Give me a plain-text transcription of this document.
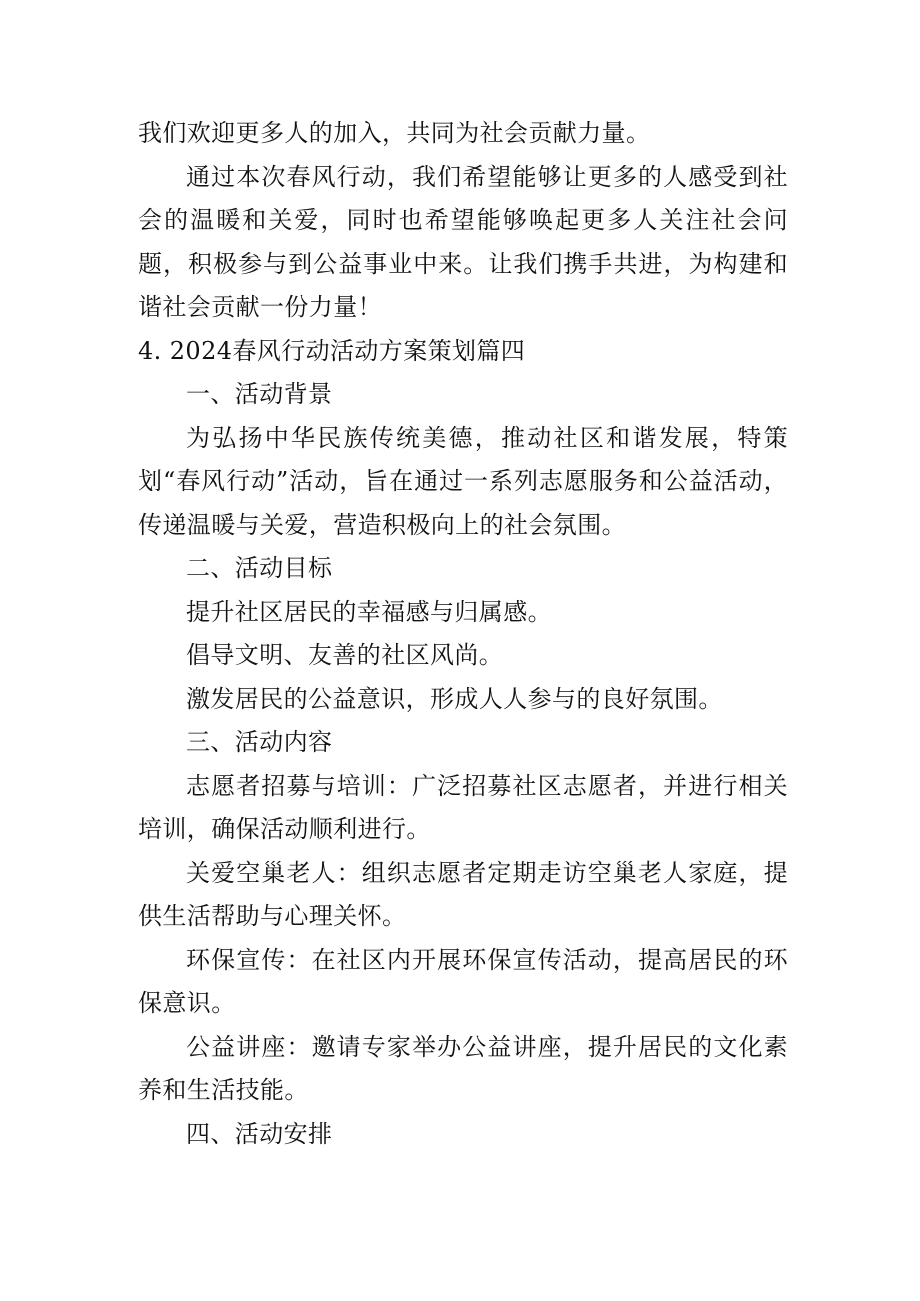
我们欢迎更多人的加入，共同为社会贡献力量。

通过本次春风行动，我们希望能够让更多的人感受到社会的温暖和关爱，同时也希望能够唤起更多人关注社会问题，积极参与到公益事业中来。让我们携手共进，为构建和谐社会贡献一份力量！

4. 2024春风行动活动方案策划篇四

一、活动背景

为弘扬中华民族传统美德，推动社区和谐发展，特策划“春风行动”活动，旨在通过一系列志愿服务和公益活动，传递温暖与关爱，营造积极向上的社会氛围。

二、活动目标

提升社区居民的幸福感与归属感。

倡导文明、友善的社区风尚。

激发居民的公益意识，形成人人参与的良好氛围。

三、活动内容

志愿者招募与培训：广泛招募社区志愿者，并进行相关培训，确保活动顺利进行。

关爱空巢老人：组织志愿者定期走访空巢老人家庭，提供生活帮助与心理关怀。

环保宣传：在社区内开展环保宣传活动，提高居民的环保意识。

公益讲座：邀请专家举办公益讲座，提升居民的文化素养和生活技能。

四、活动安排
